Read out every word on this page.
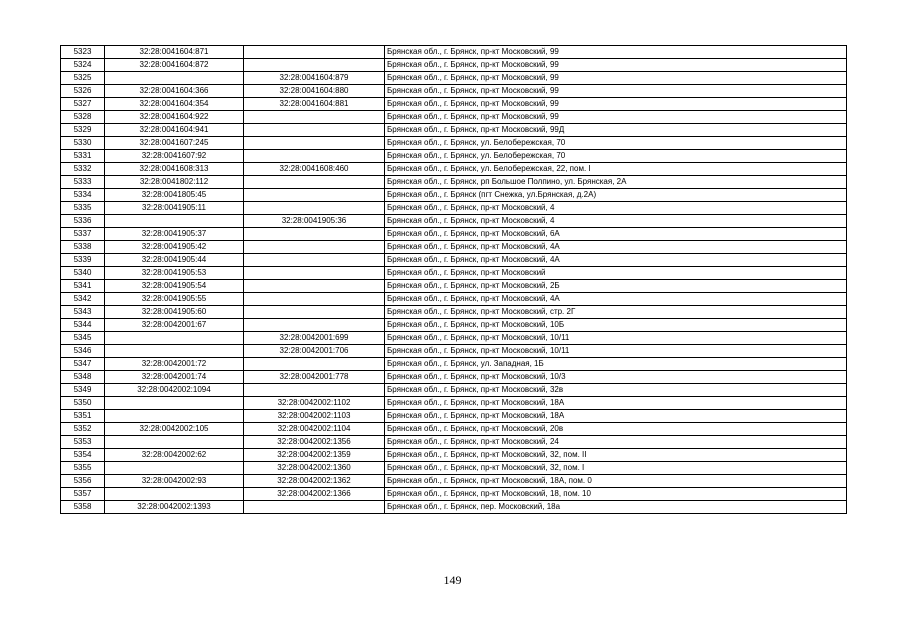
5323	32:28:0041604:871		Брянская обл., г. Брянск, пр-кт Московский, 99
5324	32:28:0041604:872		Брянская обл., г. Брянск, пр-кт Московский, 99
5325		32:28:0041604:879	Брянская обл., г. Брянск, пр-кт Московский, 99
5326	32:28:0041604:366	32:28:0041604:880	Брянская обл., г. Брянск, пр-кт Московский, 99
5327	32:28:0041604:354	32:28:0041604:881	Брянская обл., г. Брянск, пр-кт Московский, 99
5328	32:28:0041604:922		Брянская обл., г. Брянск, пр-кт Московский, 99
5329	32:28:0041604:941		Брянская обл., г. Брянск, пр-кт Московский, 99Д
5330	32:28:0041607:245		Брянская обл., г. Брянск, ул. Белобережская, 70
5331	32:28:0041607:92		Брянская обл., г. Брянск, ул. Белобережская, 70
5332	32:28:0041608:313	32:28:0041608:460	Брянская обл., г. Брянск, ул. Белобережская, 22, пом. I
5333	32:28:0041802:112		Брянская обл., г. Брянск, рп Большое Полпино, ул. Брянская, 2А
5334	32:28:0041805:45		Брянская обл., г. Брянск (пгт Снежка, ул.Брянская, д.2А)
5335	32:28:0041905:11		Брянская обл., г. Брянск, пр-кт Московский, 4
5336		32:28:0041905:36	Брянская обл., г. Брянск, пр-кт Московский, 4
5337	32:28:0041905:37		Брянская обл., г. Брянск, пр-кт Московский, 6А
5338	32:28:0041905:42		Брянская обл., г. Брянск, пр-кт Московский, 4А
5339	32:28:0041905:44		Брянская обл., г. Брянск, пр-кт Московский, 4А
5340	32:28:0041905:53		Брянская обл., г. Брянск, пр-кт Московский
5341	32:28:0041905:54		Брянская обл., г. Брянск, пр-кт Московский, 2Б
5342	32:28:0041905:55		Брянская обл., г. Брянск, пр-кт Московский, 4А
5343	32:28:0041905:60		Брянская обл., г. Брянск, пр-кт Московский, стр. 2Г
5344	32:28:0042001:67		Брянская обл., г. Брянск, пр-кт Московский, 10Б
5345		32:28:0042001:699	Брянская обл., г. Брянск, пр-кт Московский, 10/11
5346		32:28:0042001:706	Брянская обл., г. Брянск, пр-кт Московский, 10/11
5347	32:28:0042001:72		Брянская обл., г. Брянск, ул. Западная, 1Б
5348	32:28:0042001:74	32:28:0042001:778	Брянская обл., г. Брянск, пр-кт Московский, 10/3
5349	32:28:0042002:1094		Брянская обл., г. Брянск, пр-кт Московский, 32в
5350		32:28:0042002:1102	Брянская обл., г. Брянск, пр-кт Московский, 18А
5351		32:28:0042002:1103	Брянская обл., г. Брянск, пр-кт Московский, 18А
5352	32:28:0042002:105	32:28:0042002:1104	Брянская обл., г. Брянск, пр-кт Московский, 20в
5353		32:28:0042002:1356	Брянская обл., г. Брянск, пр-кт Московский, 24
5354	32:28:0042002:62	32:28:0042002:1359	Брянская обл., г. Брянск, пр-кт Московский, 32, пом. II
5355		32:28:0042002:1360	Брянская обл., г. Брянск, пр-кт Московский, 32, пом. I
5356	32:28:0042002:93	32:28:0042002:1362	Брянская обл., г. Брянск, пр-кт Московский, 18А, пом. 0
5357		32:28:0042002:1366	Брянская обл., г. Брянск, пр-кт Московский, 18, пом. 10
5358	32:28:0042002:1393		Брянская обл., г. Брянск, пер. Московский, 18а
149
